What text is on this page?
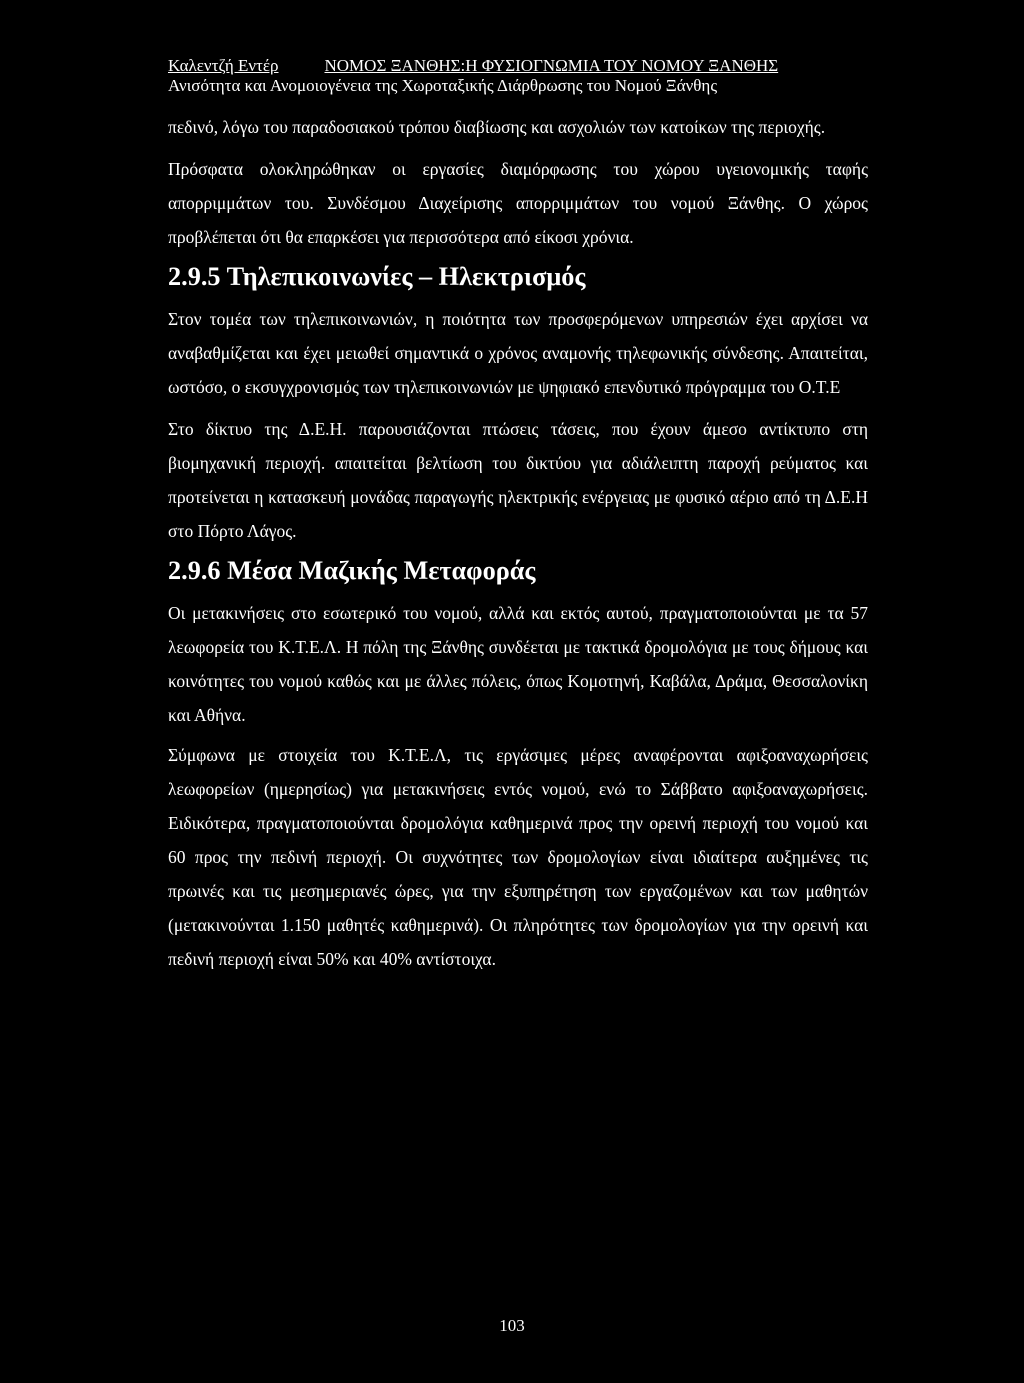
Καλεντζή Εντέρ	ΝΟΜΟΣ ΞΑΝΘΗΣ:Η ΦΥΣΙΟΓΝΩΜΙΑ ΤΟΥ ΝΟΜΟΥ ΞΑΝΘΗΣ
Ανισότητα και Ανομοιογένεια της Χωροταξικής Διάρθρωσης του Νομού Ξάνθης

πεδινό, λόγω του παραδοσιακού τρόπου διαβίωσης και ασχολιών των κατοίκων της περιοχής.

Πρόσφατα ολοκληρώθηκαν οι εργασίες διαμόρφωσης του χώρου υγειονομικής ταφής απορριμμάτων του. Συνδέσμου Διαχείρισης απορριμμάτων του νομού Ξάνθης. Ο χώρος προβλέπεται ότι θα επαρκέσει για περισσότερα από είκοσι χρόνια.

2.9.5 Τηλεπικοινωνίες – Ηλεκτρισμός

Στον τομέα των τηλεπικοινωνιών, η ποιότητα των προσφερόμενων υπηρεσιών έχει αρχίσει να αναβαθμίζεται και έχει μειωθεί σημαντικά ο χρόνος αναμονής τηλεφωνικής σύνδεσης. Απαιτείται, ωστόσο, ο εκσυγχρονισμός των τηλεπικοινωνιών με ψηφιακό επενδυτικό πρόγραμμα του Ο.Τ.Ε

Στο δίκτυο της Δ.Ε.Η. παρουσιάζονται πτώσεις τάσεις, που έχουν άμεσο αντίκτυπο στη βιομηχανική περιοχή. απαιτείται βελτίωση του δικτύου για αδιάλειπτη παροχή ρεύματος και προτείνεται η κατασκευή μονάδας παραγωγής ηλεκτρικής ενέργειας με φυσικό αέριο από τη Δ.Ε.Η στο Πόρτο Λάγος.

2.9.6 Μέσα Μαζικής Μεταφοράς

Οι μετακινήσεις στο εσωτερικό του νομού, αλλά και εκτός αυτού, πραγματοποιούνται με τα 57 λεωφορεία του Κ.Τ.Ε.Λ. Η πόλη της Ξάνθης συνδέεται με τακτικά δρομολόγια με τους δήμους και κοινότητες του νομού καθώς και με άλλες πόλεις, όπως Κομοτηνή, Καβάλα, Δράμα, Θεσσαλονίκη και Αθήνα.

Σύμφωνα με στοιχεία του Κ.Τ.Ε.Λ, τις εργάσιμες μέρες αναφέρονται αφιξοαναχωρήσεις λεωφορείων (ημερησίως) για μετακινήσεις εντός νομού, ενώ το Σάββατο αφιξοαναχωρήσεις. Ειδικότερα, πραγματοποιούνται δρομολόγια καθημερινά προς την ορεινή περιοχή του νομού και 60 προς την πεδινή περιοχή. Οι συχνότητες των δρομολογίων είναι ιδιαίτερα αυξημένες τις πρωινές και τις μεσημεριανές ώρες, για την εξυπηρέτηση των εργαζομένων και των μαθητών (μετακινούνται 1.150 μαθητές καθημερινά). Οι πληρότητες των δρομολογίων για την ορεινή και πεδινή περιοχή είναι 50% και 40% αντίστοιχα.

103
